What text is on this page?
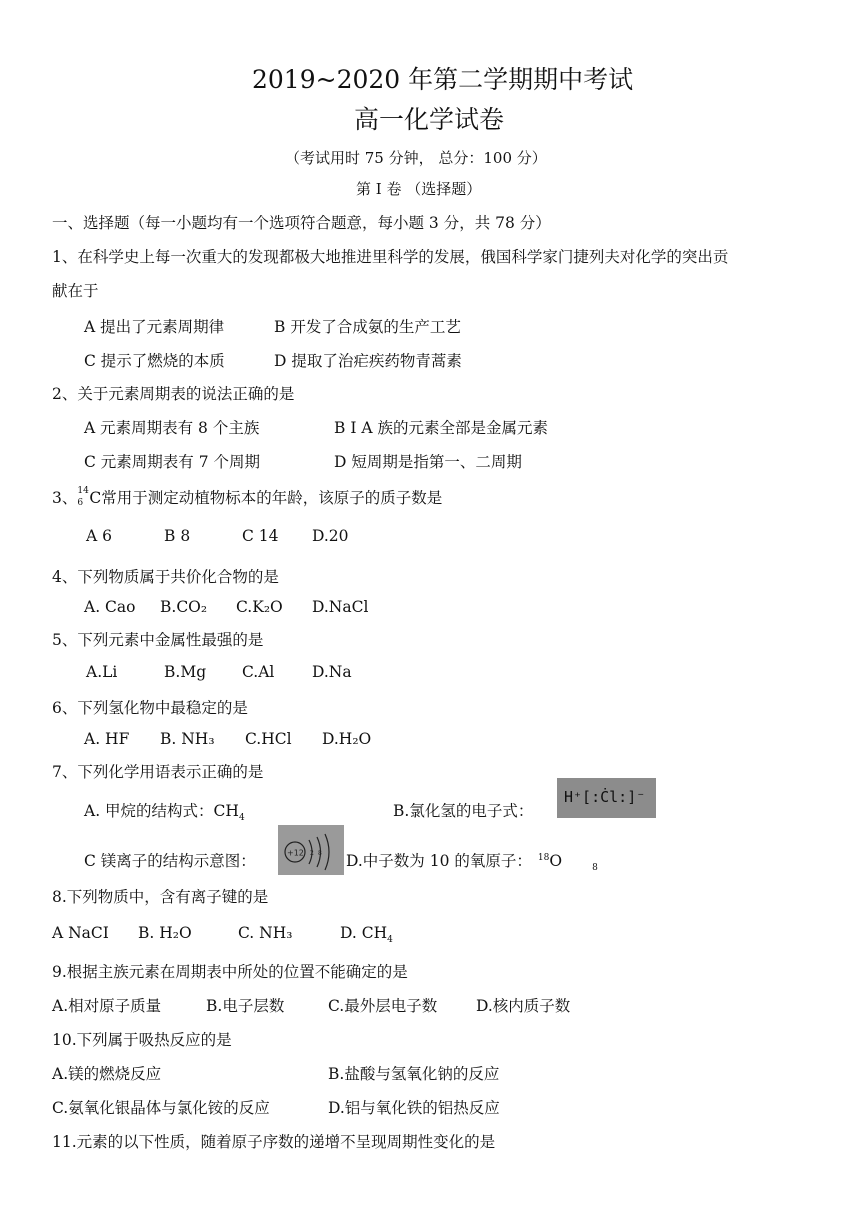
2019~2020 年第二学期期中考试
高一化学试卷
（考试用时 75 分钟， 总分：100 分）
第 I 卷 （选择题）
一、选择题（每一小题均有一个选项符合题意，每小题 3 分，共 78 分）
1、在科学史上每一次重大的发现都极大地推进里科学的发展，俄国科学家门捷列夫对化学的突出贡
献在于
A 提出了元素周期律	B 开发了合成氨的生产工艺
C 提示了燃烧的本质	D 提取了治疟疾药物青蒿素
2、关于元素周期表的说法正确的是
A 元素周期表有 8 个主族	B Ⅰ A 族的元素全部是金属元素
C 元素周期表有 7 个周期	D 短周期是指第一、二周期
3、 14
6 C常用于测定动植物标本的年龄，该原子的质子数是
A 6	B 8	C 14 D.20
4、下列物质属于共价化合物的是
A. Cao B.CO₂ C.K₂O D.NaCl
5、下列元素中金属性最强的是
A.Li	B.Mg C.Al D.Na
6、下列氢化物中最稳定的是
A. HF B. NH₃ C.HCl D.H₂O
7、下列化学用语表示正确的是
A. 甲烷的结构式：$CH_4$	B.氯化氢的电子式：
H⁺[:Ċl:]⁻
C 镁离子的结构示意图：	+12 2 8 D.中子数为 10 的氧原子： $^{18}$O	$_8$
8.下列物质中，含有离子键的是
A NaCI B. H₂O	C. NH₃	D. $CH_4$
9.根据主族元素在周期表中所处的位置不能确定的是
A.相对原子质量	B.电子层数	C.最外层电子数	D.核内质子数
10.下列属于吸热反应的是
A.镁的燃烧反应	B.盐酸与氢氧化钠的反应
C.氨氧化银晶体与氯化铵的反应	D.铝与氧化铁的铝热反应
11.元素的以下性质，随着原子序数的递增不呈现周期性变化的是
